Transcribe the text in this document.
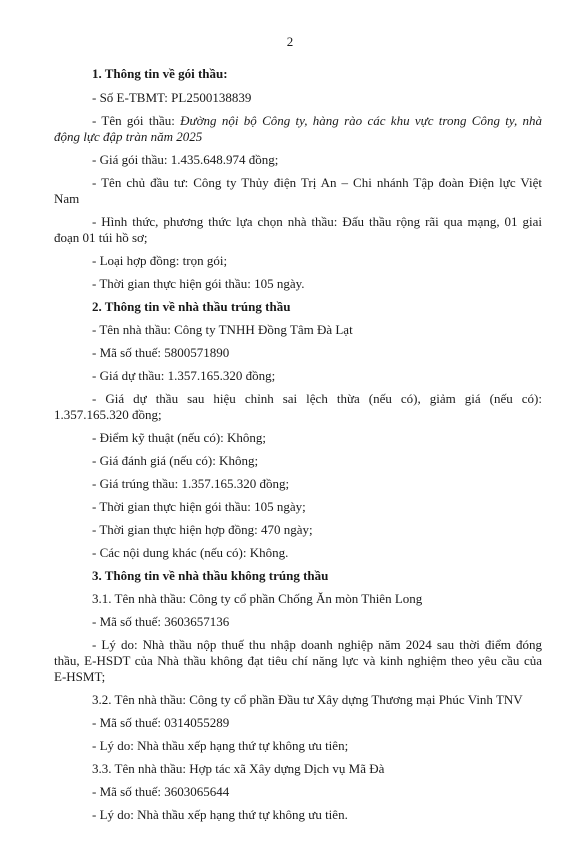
2
1. Thông tin về gói thầu:
- Số E-TBMT: PL2500138839
- Tên gói thầu: Đường nội bộ Công ty, hàng rào các khu vực trong Công ty, nhà
động lực đập tràn năm 2025
- Giá gói thầu: 1.435.648.974 đồng;
- Tên chủ đầu tư: Công ty Thủy điện Trị An – Chi nhánh Tập đoàn Điện lực Việt
Nam
- Hình thức, phương thức lựa chọn nhà thầu: Đấu thầu rộng rãi qua mạng, 01 giai
đoạn 01 túi hồ sơ;
- Loại hợp đồng: trọn gói;
- Thời gian thực hiện gói thầu: 105 ngày.
2. Thông tin về nhà thầu trúng thầu
- Tên nhà thầu: Công ty TNHH Đồng Tâm Đà Lạt
- Mã số thuế: 5800571890
- Giá dự thầu: 1.357.165.320 đồng;
- Giá dự thầu sau hiệu chỉnh sai lệch thừa (nếu có), giảm giá (nếu có):
1.357.165.320 đồng;
- Điểm kỹ thuật (nếu có): Không;
- Giá đánh giá (nếu có): Không;
- Giá trúng thầu: 1.357.165.320 đồng;
- Thời gian thực hiện gói thầu: 105 ngày;
- Thời gian thực hiện hợp đồng: 470 ngày;
- Các nội dung khác (nếu có): Không.
3. Thông tin về nhà thầu không trúng thầu
3.1. Tên nhà thầu: Công ty cổ phần Chống Ăn mòn Thiên Long
- Mã số thuế: 3603657136
- Lý do: Nhà thầu nộp thuế thu nhập doanh nghiệp năm 2024 sau thời điểm đóng
thầu, E-HSDT của Nhà thầu không đạt tiêu chí năng lực và kinh nghiệm theo yêu cầu của
E-HSMT;
3.2. Tên nhà thầu: Công ty cổ phần Đầu tư Xây dựng Thương mại Phúc Vinh TNV
- Mã số thuế: 0314055289
- Lý do: Nhà thầu xếp hạng thứ tự không ưu tiên;
3.3. Tên nhà thầu: Hợp tác xã Xây dựng Dịch vụ Mã Đà
- Mã số thuế: 3603065644
- Lý do: Nhà thầu xếp hạng thứ tự không ưu tiên.
